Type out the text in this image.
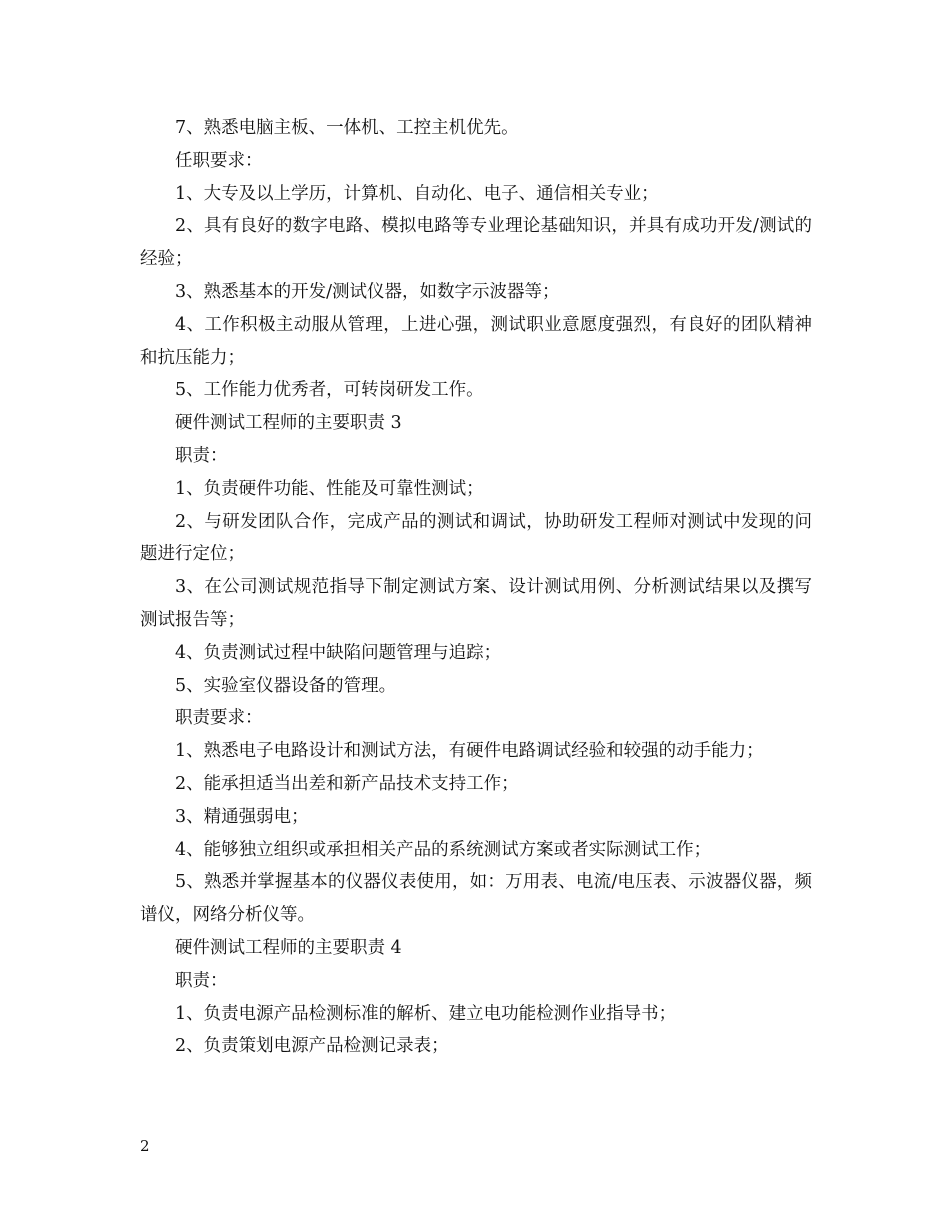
7、熟悉电脑主板、一体机、工控主机优先。

任职要求：

1、大专及以上学历，计算机、自动化、电子、通信相关专业；

2、具有良好的数字电路、模拟电路等专业理论基础知识，并具有成功开发/测试的经验；

3、熟悉基本的开发/测试仪器，如数字示波器等；

4、工作积极主动服从管理，上进心强，测试职业意愿度强烈，有良好的团队精神和抗压能力；

5、工作能力优秀者，可转岗研发工作。

硬件测试工程师的主要职责 3

职责：

1、负责硬件功能、性能及可靠性测试；

2、与研发团队合作，完成产品的测试和调试，协助研发工程师对测试中发现的问题进行定位；

3、在公司测试规范指导下制定测试方案、设计测试用例、分析测试结果以及撰写测试报告等；

4、负责测试过程中缺陷问题管理与追踪；

5、实验室仪器设备的管理。

职责要求：

1、熟悉电子电路设计和测试方法，有硬件电路调试经验和较强的动手能力；

2、能承担适当出差和新产品技术支持工作；

3、精通强弱电；

4、能够独立组织或承担相关产品的系统测试方案或者实际测试工作；

5、熟悉并掌握基本的仪器仪表使用，如：万用表、电流/电压表、示波器仪器，频谱仪，网络分析仪等。

硬件测试工程师的主要职责 4

职责：

1、负责电源产品检测标准的解析、建立电功能检测作业指导书；

2、负责策划电源产品检测记录表；

2
